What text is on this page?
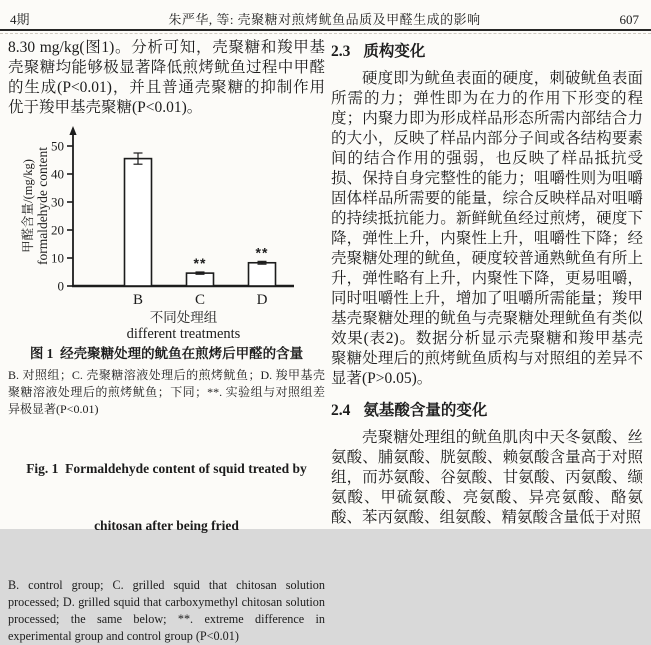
4期	朱严华, 等: 壳聚糖对煎烤鱿鱼品质及甲醛生成的影响	607

8.30 mg/kg(图1)。分析可知，壳聚糖和羧甲基壳聚糖均能够极显著降低煎烤鱿鱼过程中甲醛的生成(P<0.01)，并且普通壳聚糖的抑制作用优于羧甲基壳聚糖(P<0.01)。

0
10
20
30
40
50
B
**
C
**
D
不同处理组
different treatments
甲醛含量/(mg/kg) formaldehyde content
图 1  经壳聚糖处理的鱿鱼在煎烤后甲醛的含量
B. 对照组；C. 壳聚糖溶液处理后的煎烤鱿鱼；D. 羧甲基壳聚糖溶液处理后的煎烤鱿鱼；下同；**. 实验组与对照组差异极显著(P<0.01)

Fig. 1  Formaldehyde content of squid treated by

chitosan after being fried

B. control group; C. grilled squid that chitosan solution processed; D. grilled squid that carboxymethyl chitosan solution processed; the same below; **. extreme difference in experimental group and control group (P<0.01)
2.3 质构变化

硬度即为鱿鱼表面的硬度，刺破鱿鱼表面所需的力；弹性即为在力的作用下形变的程度；内聚力即为形成样品形态所需内部结合力的大小，反映了样品内部分子间或各结构要素间的结合作用的强弱，也反映了样品抵抗受损、保持自身完整性的能力；咀嚼性则为咀嚼固体样品所需要的能量，综合反映样品对咀嚼的持续抵抗能力。新鲜鱿鱼经过煎烤，硬度下降，弹性上升，内聚性上升，咀嚼性下降；经壳聚糖处理的鱿鱼，硬度较普通熟鱿鱼有所上升，弹性略有上升，内聚性下降，更易咀嚼，同时咀嚼性上升，增加了咀嚼所需能量；羧甲基壳聚糖处理的鱿鱼与壳聚糖处理鱿鱼有类似效果(表2)。数据分析显示壳聚糖和羧甲基壳聚糖处理后的煎烤鱿鱼质构与对照组的差异不显著(P>0.05)。

2.4 氨基酸含量的变化

壳聚糖处理组的鱿鱼肌肉中天冬氨酸、丝氨酸、脯氨酸、胱氨酸、赖氨酸含量高于对照组，而苏氨酸、谷氨酸、甘氨酸、丙氨酸、缬氨酸、甲硫氨酸、亮氨酸、异亮氨酸、酪氨酸、苯丙氨酸、组氨酸、精氨酸含量低于对照
